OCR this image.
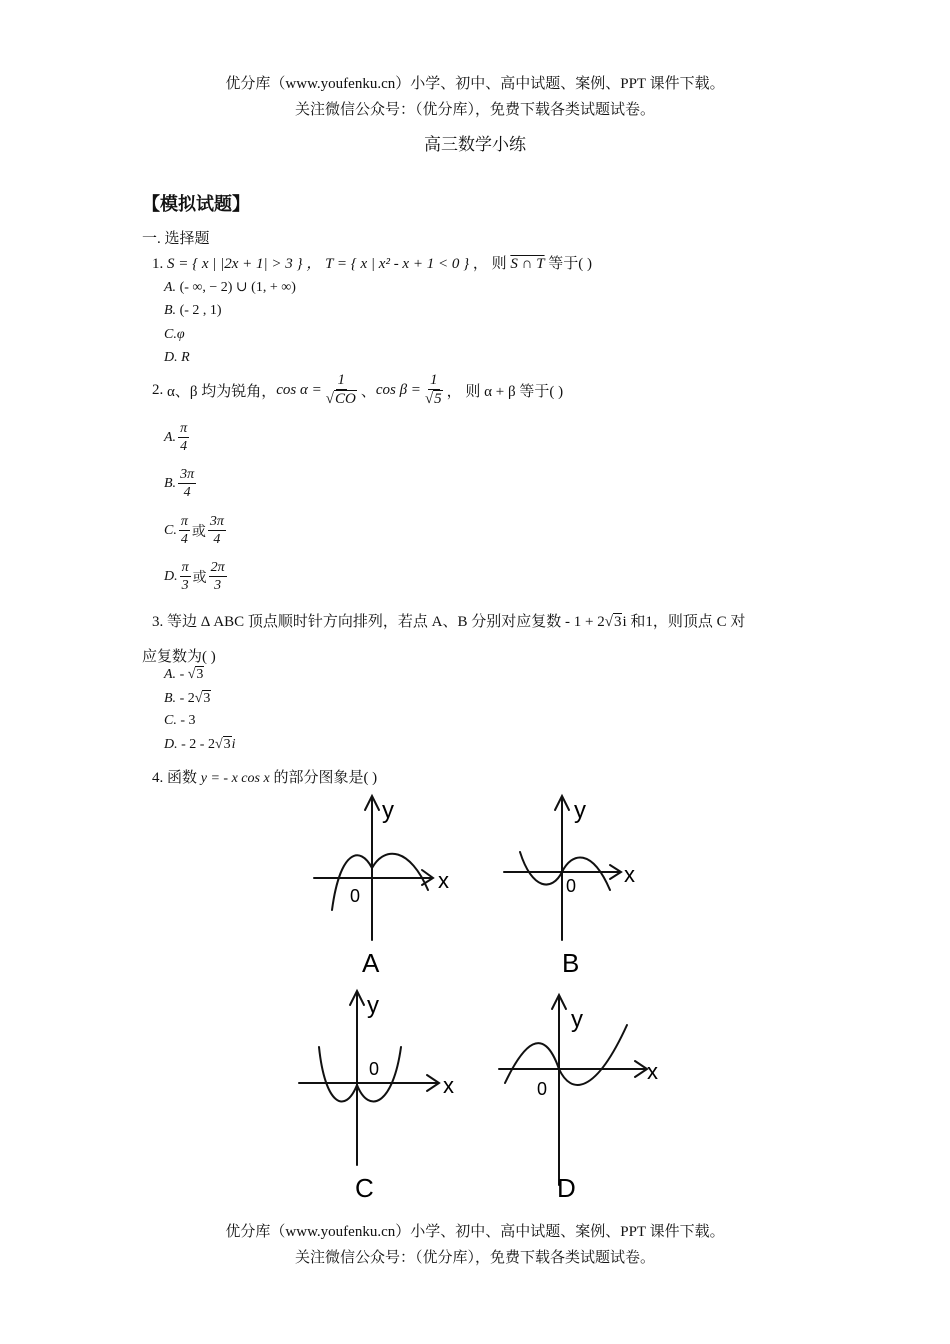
优分库（www.youfenku.cn）小学、初中、高中试题、案例、PPT 课件下载。
关注微信公众号：（优分库），免费下载各类试题试卷。
高三数学小练
【模拟试题】
一. 选择题
1. S = { x | |2x + 1| > 3 } ， T = { x | x² - x + 1 < 0 } ， 则 S ∩ T 等于( )
A. (- ∞, − 2) ∪ (1, + ∞)
B. (- 2 , 1)
C.φ
D. R
2.
α、β 均为锐角， $\cos \alpha = \frac{1}{√CO}$ 、 $\cos \beta = \frac{1}{√5}$ ， 则 α + β 等于( )
A. $\frac{\pi}{4}$
B. $\frac{3\pi}{4}$
C. $\frac{\pi}{4}$ 或 $\frac{3\pi}{4}$
D. $\frac{\pi}{3}$ 或 $\frac{2\pi}{3}$
3. 等边 Δ ABC 顶点顺时针方向排列，若点 A、B 分别对应复数 - 1 + 2√3i 和1，则顶点 C 对
应复数为( )
A. - √3
B. - 2√3
C. - 3
D. - 2 - 2√3i
4. 函数 y = - x cos x 的部分图象是( )
y
x
0
A
y
x
0
B
y
x
0
C
y
x
0
D
优分库（www.youfenku.cn）小学、初中、高中试题、案例、PPT 课件下载。
关注微信公众号：（优分库），免费下载各类试题试卷。
